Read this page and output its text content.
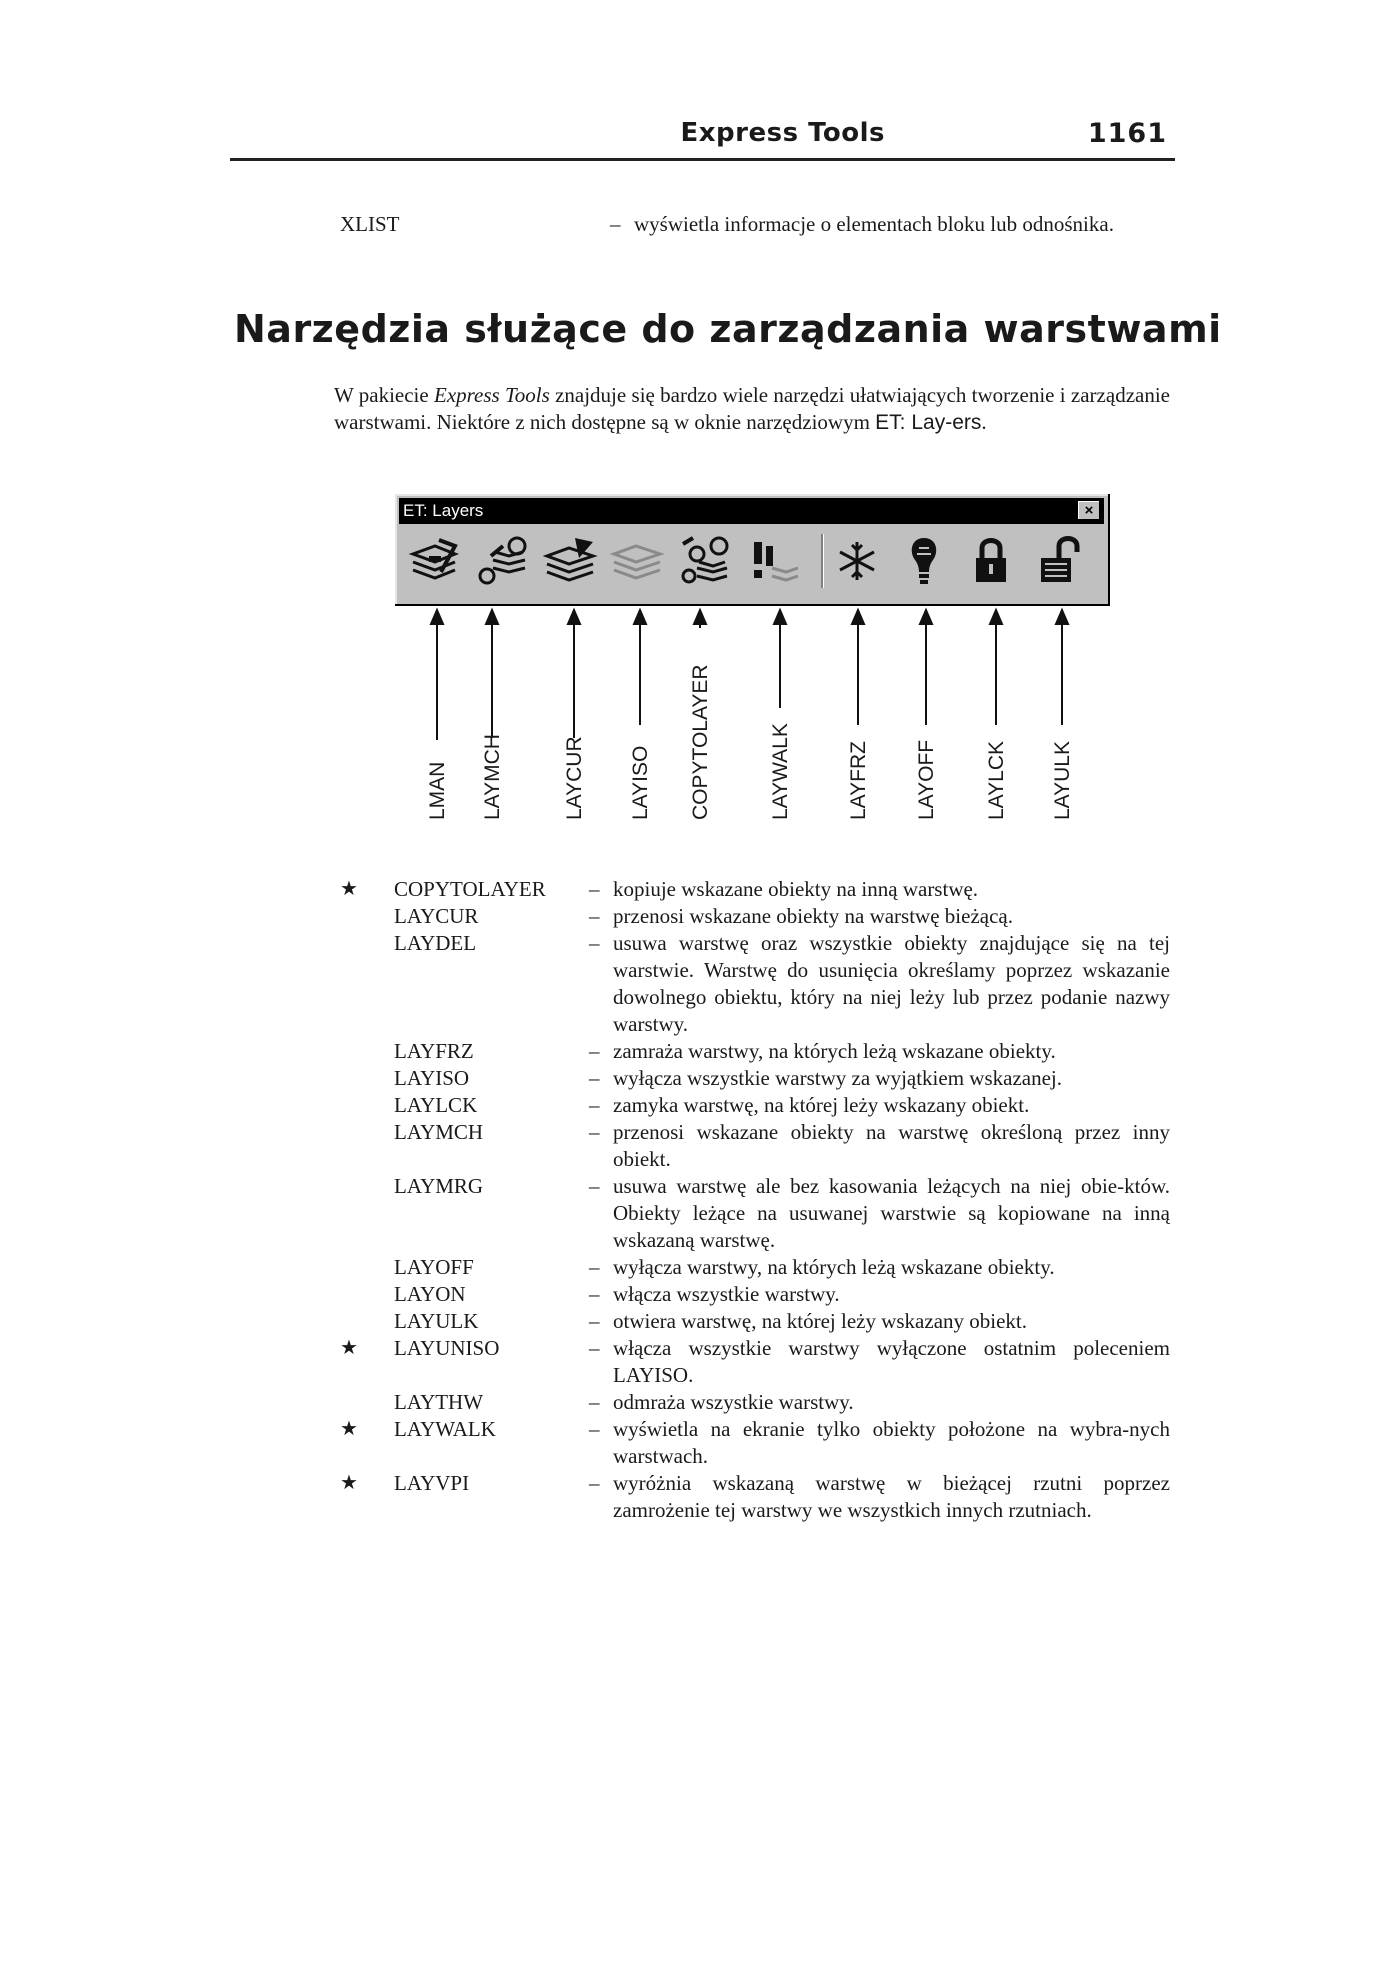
Express Tools	1161
XLIST	– wyświetla informacje o elementach bloku lub odnośnika.
Narzędzia służące do zarządzania warstwami

W pakiecie Express Tools znajduje się bardzo wiele narzędzi ułatwiających tworzenie i zarządzanie warstwami. Niektóre z nich dostępne są w oknie narzędziowym ET: Lay-ers.

ET: Layers	×
LMAN LAYMCH	LAYCUR LAYISO COPYTOLAYER	LAYWALK	LAYFRZ LAYOFF LAYLCK LAYULK
★	COPYTOLAYER	– kopiuje wskazane obiekty na inną warstwę.
LAYCUR	– przenosi wskazane obiekty na warstwę bieżącą.
LAYDEL	– usuwa warstwę oraz wszystkie obiekty znajdujące się na tej warstwie. Warstwę do usunięcia określamy poprzez wskazanie dowolnego obiektu, który na niej leży lub przez podanie nazwy warstwy.
LAYFRZ	– zamraża warstwy, na których leżą wskazane obiekty.
LAYISO	– wyłącza wszystkie warstwy za wyjątkiem wskazanej.
LAYLCK	– zamyka warstwę, na której leży wskazany obiekt.
LAYMCH	– przenosi wskazane obiekty na warstwę określoną przez inny obiekt.
LAYMRG	– usuwa warstwę ale bez kasowania leżących na niej obie-któw. Obiekty leżące na usuwanej warstwie są kopiowane na inną wskazaną warstwę.
LAYOFF	– wyłącza warstwy, na których leżą wskazane obiekty.
LAYON	– włącza wszystkie warstwy.
LAYULK	– otwiera warstwę, na której leży wskazany obiekt.
★	LAYUNISO	– włącza wszystkie warstwy wyłączone ostatnim poleceniem LAYISO.
LAYTHW	– odmraża wszystkie warstwy.
★	LAYWALK	– wyświetla na ekranie tylko obiekty położone na wybra-nych warstwach.
★	LAYVPI	– wyróżnia wskazaną warstwę w bieżącej rzutni poprzez zamrożenie tej warstwy we wszystkich innych rzutniach.
